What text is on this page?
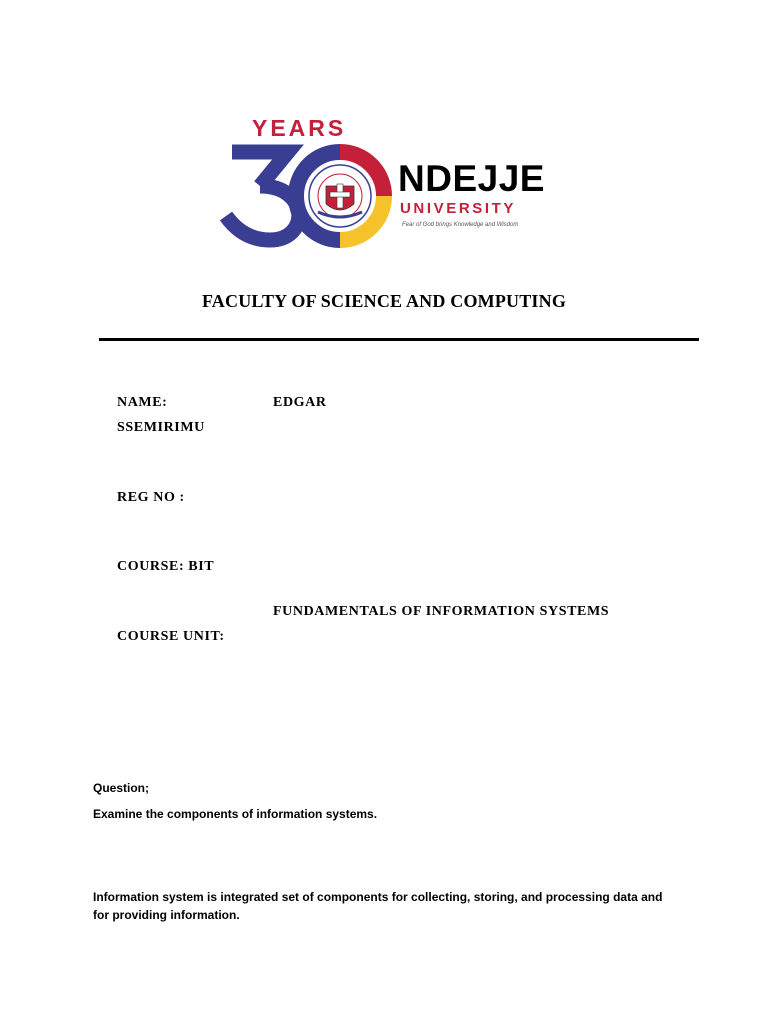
YEARS
NDEJJE
UNIVERSITY
Fear of God brings Knowledge and Wisdom
FACULTY OF SCIENCE AND COMPUTING
NAME:	EDGAR
SSEMIRIMU
REG NO :
COURSE: BIT
FUNDAMENTALS OF INFORMATION SYSTEMS
COURSE UNIT:
Question;
Examine the components of information systems.
Information system is integrated set of components for collecting, storing, and processing data and
for providing information.
